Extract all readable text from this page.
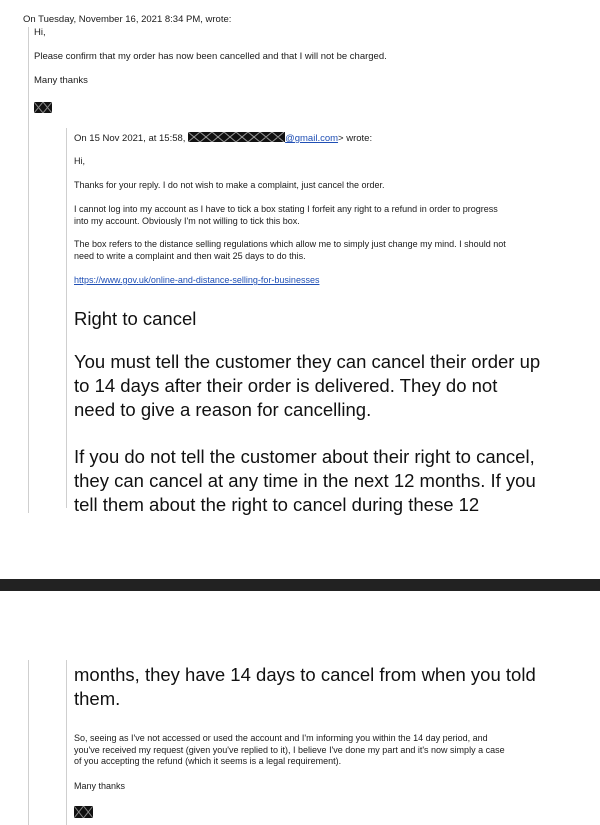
On Tuesday, November 16, 2021 8:34 PM, wrote:
Hi,
Please confirm that my order has now been cancelled and that I will not be charged.
Many thanks
On 15 Nov 2021, at 15:58,	@gmail.com> wrote:
Hi,
Thanks for your reply. I do not wish to make a complaint, just cancel the order.
I cannot log into my account as I have to tick a box stating I forfeit any right to a refund in order to progress
into my account. Obviously I'm not willing to tick this box.
The box refers to the distance selling regulations which allow me to simply just change my mind. I should not
need to write a complaint and then wait 25 days to do this.
https://www.gov.uk/online-and-distance-selling-for-businesses
Right to cancel
You must tell the customer they can cancel their order up
to 14 days after their order is delivered. They do not
need to give a reason for cancelling.
If you do not tell the customer about their right to cancel,
they can cancel at any time in the next 12 months. If you
tell them about the right to cancel during these 12
months, they have 14 days to cancel from when you told
them.
So, seeing as I've not accessed or used the account and I'm informing you within the 14 day period, and
you've received my request (given you've replied to it), I believe I've done my part and it's now simply a case
of you accepting the refund (which it seems is a legal requirement).
Many thanks
